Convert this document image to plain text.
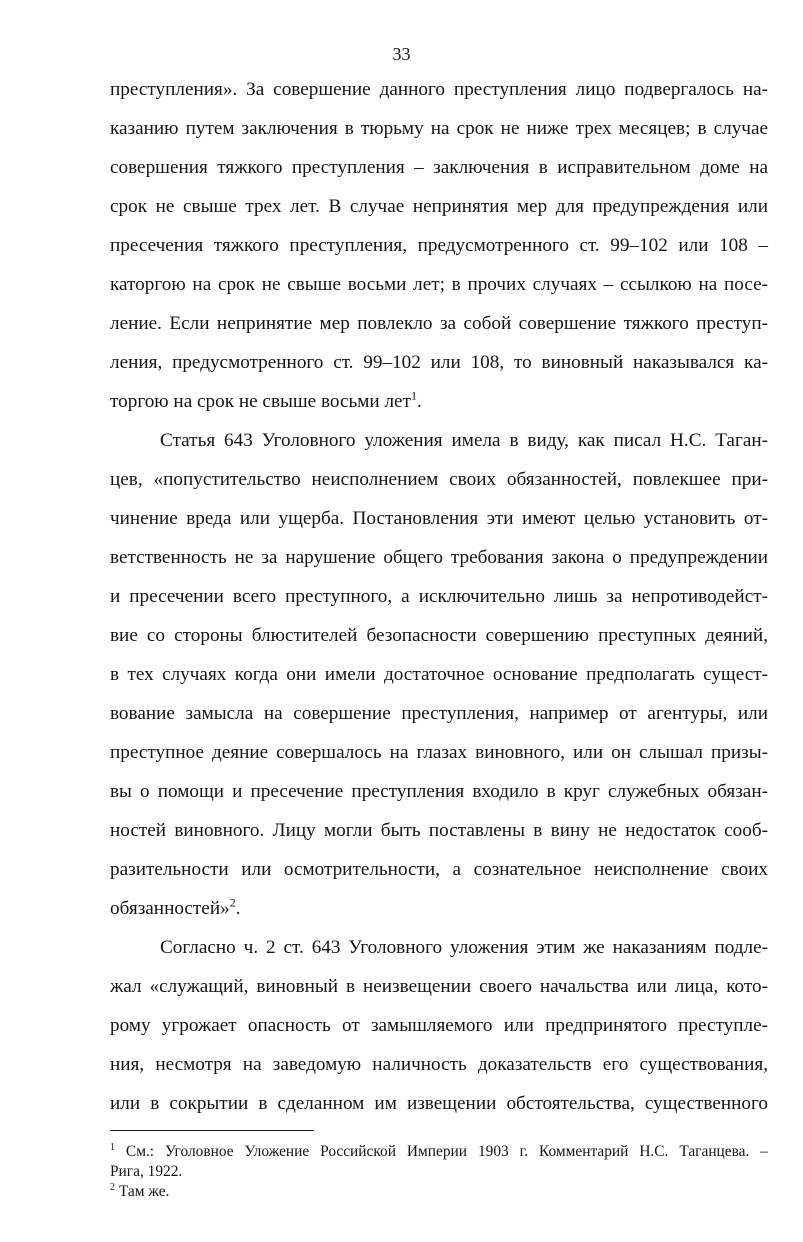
33
преступления». За совершение данного преступления лицо подвергалось на-
казанию путем заключения в тюрьму на срок не ниже трех месяцев; в случае
совершения тяжкого преступления – заключения в исправительном доме на
срок не свыше трех лет. В случае непринятия мер для предупреждения или
пресечения тяжкого преступления, предусмотренного ст. 99–102 или 108 –
каторгою на срок не свыше восьми лет; в прочих случаях – ссылкою на посе-
ление. Если непринятие мер повлекло за собой совершение тяжкого преступ-
ления, предусмотренного ст. 99–102 или 108, то виновный наказывался ка-
торгою на срок не свыше восьми лет$^1$.
Статья 643 Уголовного уложения имела в виду, как писал Н.С. Таган-
цев, «попустительство неисполнением своих обязанностей, повлекшее при-
чинение вреда или ущерба. Постановления эти имеют целью установить от-
ветственность не за нарушение общего требования закона о предупреждении
и пресечении всего преступного, а исключительно лишь за непротиводейст-
вие со стороны блюстителей безопасности совершению преступных деяний,
в тех случаях когда они имели достаточное основание предполагать сущест-
вование замысла на совершение преступления, например от агентуры, или
преступное деяние совершалось на глазах виновного, или он слышал призы-
вы о помощи и пресечение преступления входило в круг служебных обязан-
ностей виновного. Лицу могли быть поставлены в вину не недостаток сооб-
разительности или осмотрительности, а сознательное неисполнение своих
обязанностей»$^2$.
Согласно ч. 2 ст. 643 Уголовного уложения этим же наказаниям подле-
жал «служащий, виновный в неизвещении своего начальства или лица, кото-
рому угрожает опасность от замышляемого или предпринятого преступле-
ния, несмотря на заведомую наличность доказательств его существования,
или в сокрытии в сделанном им извещении обстоятельства, существенного
$^1$ См.: Уголовное Уложение Российской Империи 1903 г. Комментарий Н.С. Таганцева. –
Рига, 1922.
$^2$ Там же.
